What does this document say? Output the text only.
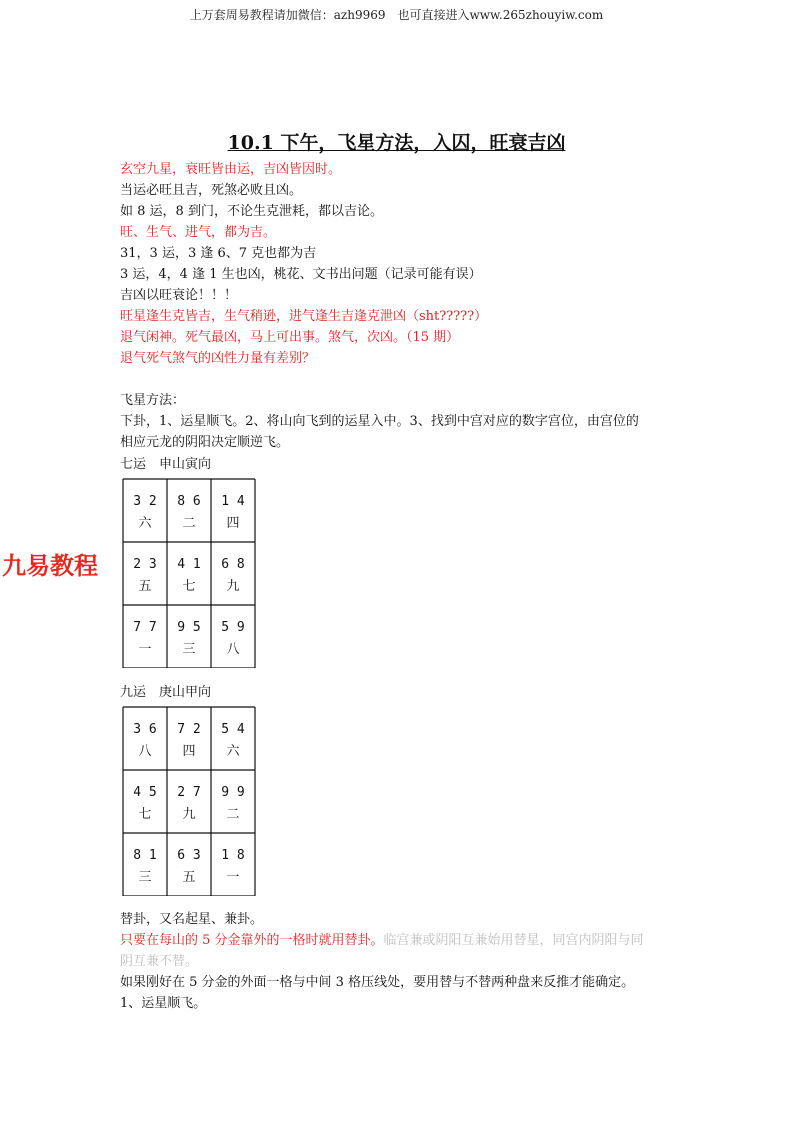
上万套周易教程请加微信：azh9969　也可直接进入www.265zhouyiw.com
10.1 下午，飞星方法，入囚，旺衰吉凶
玄空九星，衰旺皆由运，吉凶皆因时。
当运必旺且吉，死煞必败且凶。
如 8 运，8 到门，不论生克泄耗，都以吉论。
旺、生气、进气，都为吉。
31，3 运，3 逢 6、7 克也都为吉
3 运，4，4 逢 1 生也凶，桃花、文书出问题（记录可能有误）
吉凶以旺衰论！！！
旺星逢生克皆吉，生气稍逊，进气逢生吉逢克泄凶（sht?????）
退气闲神。死气最凶，马上可出事。煞气，次凶。（15 期）
退气死气煞气的凶性力量有差别？
飞星方法：
下卦，1、运星顺飞。2、将山向飞到的运星入中。3、找到中宫对应的数字宫位，由宫位的
相应元龙的阴阳决定顺逆飞。
七运　申山寅向
3 2
六
8 6
二
1 4
四
2 3
五
4 1
七
6 8
九
7 7
一
9 5
三
5 9
八
九易教程
九运　庚山甲向
3 6
八
7 2
四
5 4
六
4 5
七
2 7
九
9 9
二
8 1
三
6 3
五
1 8
一
替卦，又名起星、兼卦。
只要在每山的 5 分金靠外的一格时就用替卦。临宫兼或阴阳互兼始用替星，同宫内阴阳与同
阴互兼不替。
如果刚好在 5 分金的外面一格与中间 3 格压线处，要用替与不替两种盘来反推才能确定。
1、运星顺飞。
